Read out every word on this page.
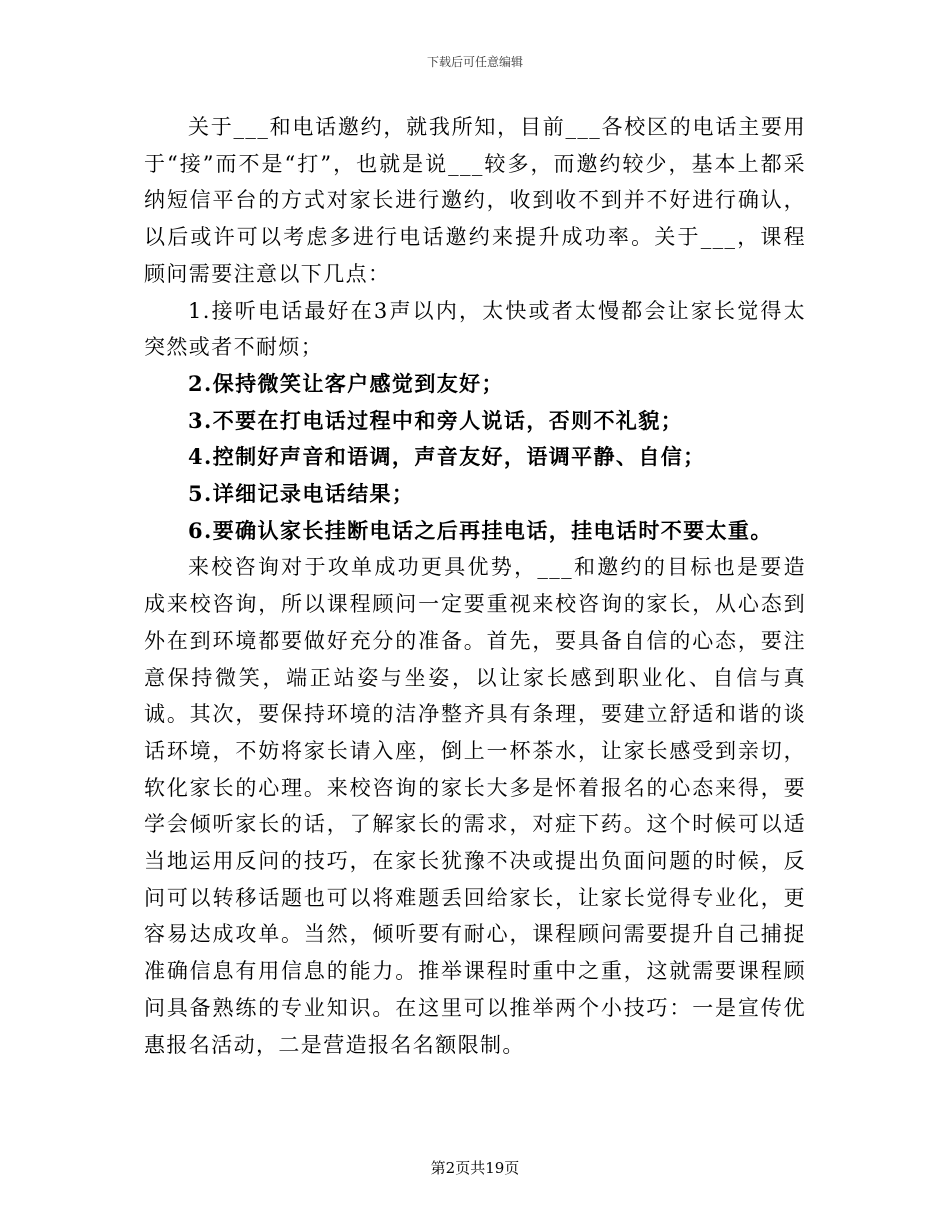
下载后可任意编辑

关于___和电话邀约，就我所知，目前___各校区的电话主要用于“接”而不是“打”，也就是说___较多，而邀约较少，基本上都采纳短信平台的方式对家长进行邀约，收到收不到并不好进行确认，以后或许可以考虑多进行电话邀约来提升成功率。关于___，课程顾问需要注意以下几点：

1.接听电话最好在3声以内，太快或者太慢都会让家长觉得太突然或者不耐烦；

2.保持微笑让客户感觉到友好；

3.不要在打电话过程中和旁人说话，否则不礼貌；

4.控制好声音和语调，声音友好，语调平静、自信；

5.详细记录电话结果；

6.要确认家长挂断电话之后再挂电话，挂电话时不要太重。

来校咨询对于攻单成功更具优势，___和邀约的目标也是要造成来校咨询，所以课程顾问一定要重视来校咨询的家长，从心态到外在到环境都要做好充分的准备。首先，要具备自信的心态，要注意保持微笑，端正站姿与坐姿，以让家长感到职业化、自信与真诚。其次，要保持环境的洁净整齐具有条理，要建立舒适和谐的谈话环境，不妨将家长请入座，倒上一杯茶水，让家长感受到亲切，软化家长的心理。来校咨询的家长大多是怀着报名的心态来得，要学会倾听家长的话，了解家长的需求，对症下药。这个时候可以适当地运用反问的技巧，在家长犹豫不决或提出负面问题的时候，反问可以转移话题也可以将难题丢回给家长，让家长觉得专业化，更容易达成攻单。当然，倾听要有耐心，课程顾问需要提升自己捕捉准确信息有用信息的能力。推举课程时重中之重，这就需要课程顾问具备熟练的专业知识。在这里可以推举两个小技巧：一是宣传优惠报名活动，二是营造报名名额限制。

第2页共19页
